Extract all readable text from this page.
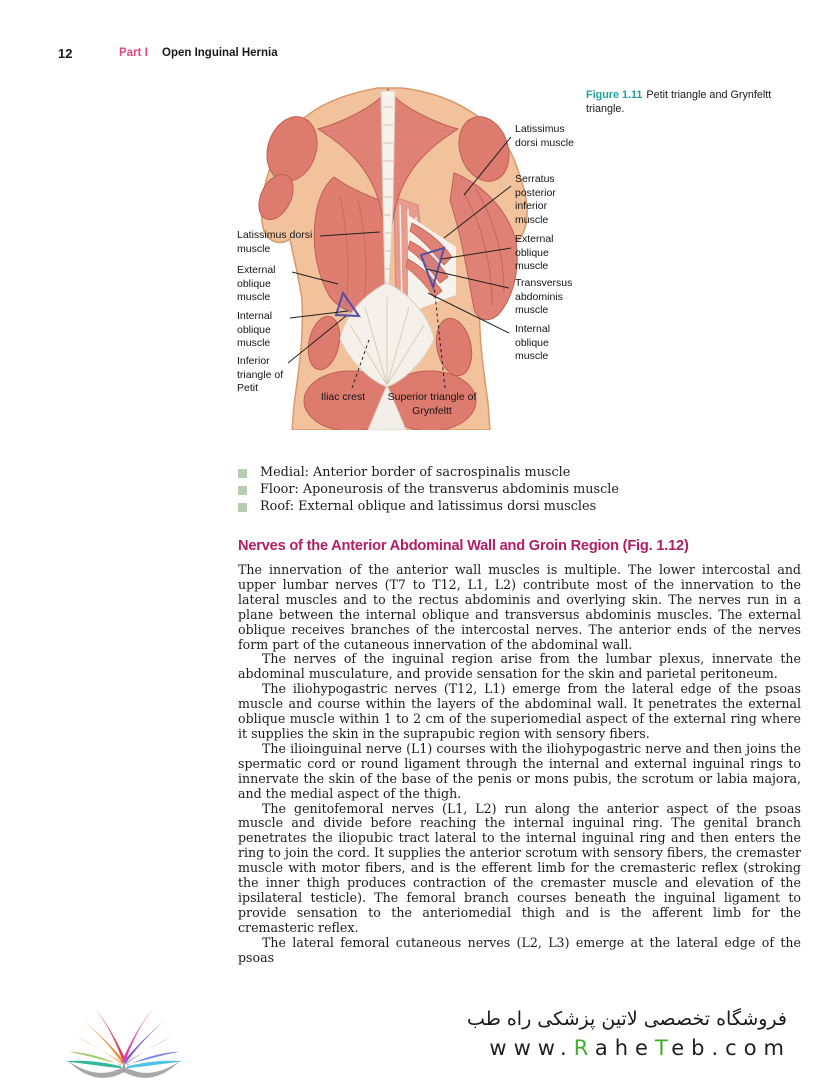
12	Part I Open Inguinal Hernia
Latissimus dorsi muscle
External oblique muscle
Internal oblique muscle
Inferior triangle of Petit
Latissimus dorsi muscle
Serratus posterior inferior muscle
External oblique muscle
Transversus abdominis muscle
Internal oblique muscle
Iliac crest	Superior triangle of Grynfeltt
Figure 1.11 Petit triangle and Grynfeltt triangle.
Medial: Anterior border of sacrospinalis muscle
Floor: Aponeurosis of the transverus abdominis muscle
Roof: External oblique and latissimus dorsi muscles
Nerves of the Anterior Abdominal Wall and Groin Region (Fig. 1.12)

The innervation of the anterior wall muscles is multiple. The lower intercostal and upper lumbar nerves (T7 to T12, L1, L2) contribute most of the innervation to the lateral muscles and to the rectus abdominis and overlying skin. The nerves run in a plane between the internal oblique and transversus abdominis muscles. The external oblique receives branches of the intercostal nerves. The anterior ends of the nerves form part of the cutaneous innervation of the abdominal wall.

The nerves of the inguinal region arise from the lumbar plexus, innervate the abdominal musculature, and provide sensation for the skin and parietal peritoneum.

The iliohypogastric nerves (T12, L1) emerge from the lateral edge of the psoas muscle and course within the layers of the abdominal wall. It penetrates the external oblique muscle within 1 to 2 cm of the superiomedial aspect of the external ring where it supplies the skin in the suprapubic region with sensory fibers.

The ilioinguinal nerve (L1) courses with the iliohypogastric nerve and then joins the spermatic cord or round ligament through the internal and external inguinal rings to innervate the skin of the base of the penis or mons pubis, the scrotum or labia majora, and the medial aspect of the thigh.

The genitofemoral nerves (L1, L2) run along the anterior aspect of the psoas muscle and divide before reaching the internal inguinal ring. The genital branch penetrates the iliopubic tract lateral to the internal inguinal ring and then enters the ring to join the cord. It supplies the anterior scrotum with sensory fibers, the cremaster muscle with motor fibers, and is the efferent limb for the cremasteric reflex (stroking the inner thigh produces contraction of the cremaster muscle and elevation of the ipsilateral testicle). The femoral branch courses beneath the inguinal ligament to provide sensation to the anteriomedial thigh and is the afferent limb for the cremasteric reflex.

The lateral femoral cutaneous nerves (L2, L3) emerge at the lateral edge of the psoas

فروشگاه تخصصی لاتین پزشکی راه طب
www.RaheTeb.com
